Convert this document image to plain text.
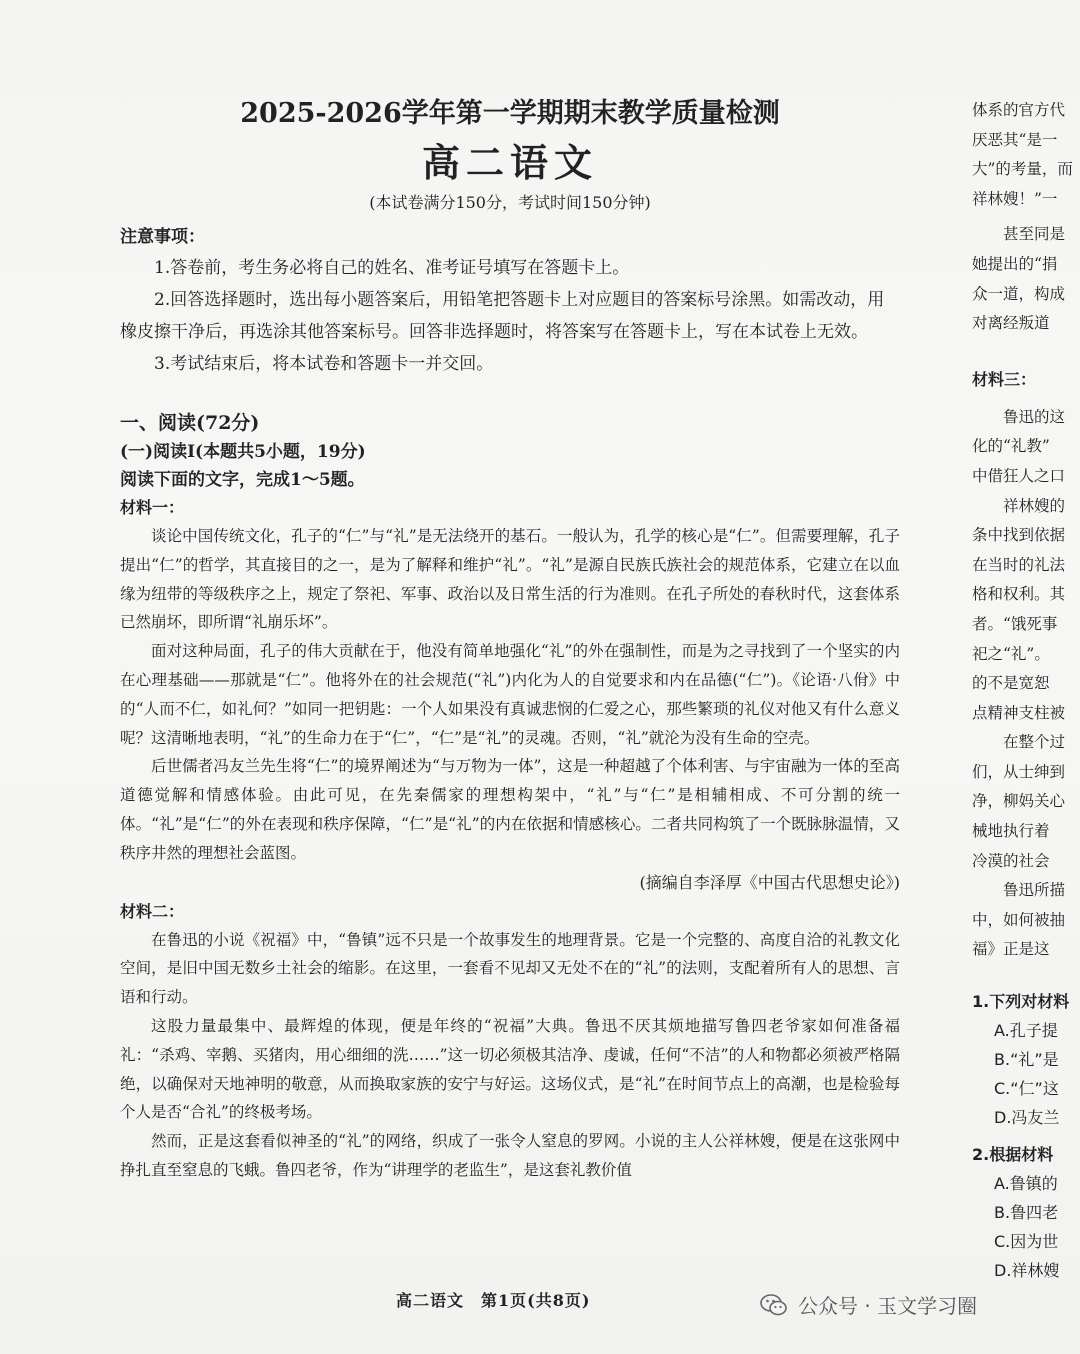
2025-2026学年第一学期期末教学质量检测
高二语文

(本试卷满分150分，考试时间150分钟)

注意事项：

1.答卷前，考生务必将自己的姓名、准考证号填写在答题卡上。

2.回答选择题时，选出每小题答案后，用铅笔把答题卡上对应题目的答案标号涂黑。如需改动，用橡皮擦干净后，再选涂其他答案标号。回答非选择题时，将答案写在答题卡上，写在本试卷上无效。

3.考试结束后，将本试卷和答题卡一并交回。

一、阅读(72分)

(一)阅读Ⅰ(本题共5小题，19分)

阅读下面的文字，完成1～5题。

材料一：

谈论中国传统文化，孔子的“仁”与“礼”是无法绕开的基石。一般认为，孔学的核心是“仁”。但需要理解，孔子提出“仁”的哲学，其直接目的之一，是为了解释和维护“礼”。“礼”是源自民族氏族社会的规范体系，它建立在以血缘为纽带的等级秩序之上，规定了祭祀、军事、政治以及日常生活的行为准则。在孔子所处的春秋时代，这套体系已然崩坏，即所谓“礼崩乐坏”。

面对这种局面，孔子的伟大贡献在于，他没有简单地强化“礼”的外在强制性，而是为之寻找到了一个坚实的内在心理基础——那就是“仁”。他将外在的社会规范(“礼”)内化为人的自觉要求和内在品德(“仁”)。《论语·八佾》中的“人而不仁，如礼何？”如同一把钥匙：一个人如果没有真诚悲悯的仁爱之心，那些繁琐的礼仪对他又有什么意义呢？这清晰地表明，“礼”的生命力在于“仁”，“仁”是“礼”的灵魂。否则，“礼”就沦为没有生命的空壳。

后世儒者冯友兰先生将“仁”的境界阐述为“与万物为一体”，这是一种超越了个体利害、与宇宙融为一体的至高道德觉解和情感体验。由此可见，在先秦儒家的理想构架中，“礼”与“仁”是相辅相成、不可分割的统一体。“礼”是“仁”的外在表现和秩序保障，“仁”是“礼”的内在依据和情感核心。二者共同构筑了一个既脉脉温情，又秩序井然的理想社会蓝图。

(摘编自李泽厚《中国古代思想史论》)

材料二：

在鲁迅的小说《祝福》中，“鲁镇”远不只是一个故事发生的地理背景。它是一个完整的、高度自洽的礼教文化空间，是旧中国无数乡土社会的缩影。在这里，一套看不见却又无处不在的“礼”的法则，支配着所有人的思想、言语和行动。

这股力量最集中、最辉煌的体现，便是年终的“祝福”大典。鲁迅不厌其烦地描写鲁四老爷家如何准备福礼：“杀鸡、宰鹅、买猪肉，用心细细的洗……”这一切必须极其洁净、虔诚，任何“不洁”的人和物都必须被严格隔绝，以确保对天地神明的敬意，从而换取家族的安宁与好运。这场仪式，是“礼”在时间节点上的高潮，也是检验每个人是否“合礼”的终极考场。

然而，正是这套看似神圣的“礼”的网络，织成了一张令人窒息的罗网。小说的主人公祥林嫂，便是在这张网中挣扎直至窒息的飞蛾。鲁四老爷，作为“讲理学的老监生”，是这套礼教价值

体系的官方代

厌恶其“是一

大”的考量，而

祥林嫂！”一

甚至同是

她提出的“捐

众一道，构成

对离经叛道

材料三：

鲁迅的这

化的“礼教”

中借狂人之口

祥林嫂的

条中找到依据

在当时的礼法

格和权利。其

者。“饿死事

祀之“礼”。

的不是宽恕

点精神支柱被

在整个过

们，从士绅到

净，柳妈关心

械地执行着

冷漠的社会

鲁迅所描

中，如何被抽

福》正是这

1.下列对材料

A.孔子提

B.“礼”是

C.“仁”这

D.冯友兰

2.根据材料

A.鲁镇的

B.鲁四老

C.因为世

D.祥林嫂

高二语文　第1页(共8页)	公众号 · 玉文学习圈
